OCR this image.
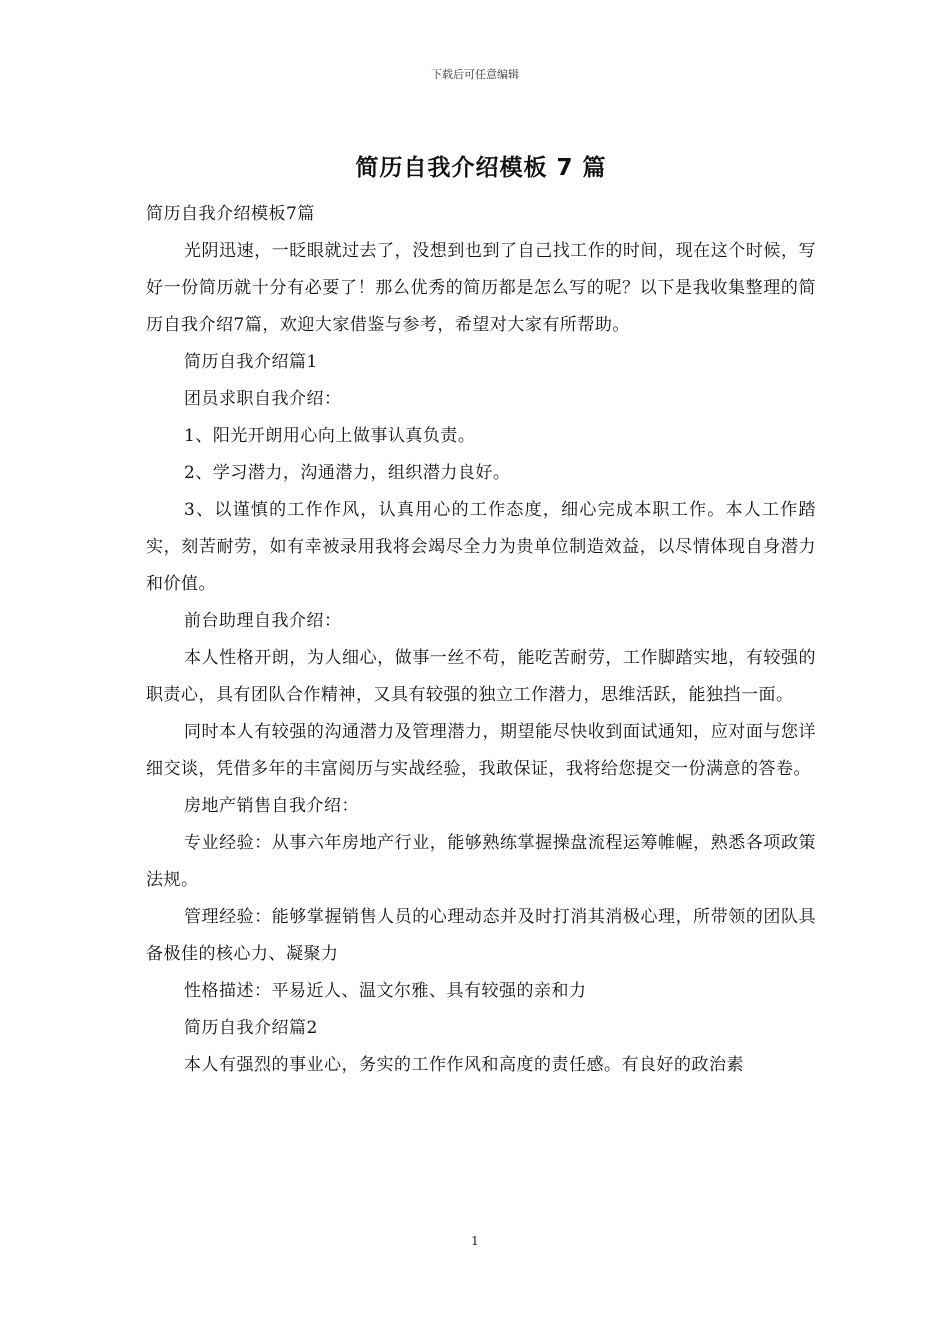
下载后可任意编辑
简历自我介绍模板 7 篇

简历自我介绍模板7篇

光阴迅速，一眨眼就过去了，没想到也到了自己找工作的时间，现在这个时候，写好一份简历就十分有必要了！那么优秀的简历都是怎么写的呢？以下是我收集整理的简历自我介绍7篇，欢迎大家借鉴与参考，希望对大家有所帮助。

简历自我介绍篇1

团员求职自我介绍：

1、阳光开朗用心向上做事认真负责。

2、学习潜力，沟通潜力，组织潜力良好。

3、以谨慎的工作作风，认真用心的工作态度，细心完成本职工作。本人工作踏实，刻苦耐劳，如有幸被录用我将会竭尽全力为贵单位制造效益，以尽情体现自身潜力和价值。

前台助理自我介绍：

本人性格开朗，为人细心，做事一丝不苟，能吃苦耐劳，工作脚踏实地，有较强的职责心，具有团队合作精神，又具有较强的独立工作潜力，思维活跃，能独挡一面。

同时本人有较强的沟通潜力及管理潜力，期望能尽快收到面试通知，应对面与您详细交谈，凭借多年的丰富阅历与实战经验，我敢保证，我将给您提交一份满意的答卷。

房地产销售自我介绍：

专业经验：从事六年房地产行业，能够熟练掌握操盘流程运筹帷幄，熟悉各项政策法规。

管理经验：能够掌握销售人员的心理动态并及时打消其消极心理，所带领的团队具备极佳的核心力、凝聚力

性格描述：平易近人、温文尔雅、具有较强的亲和力

简历自我介绍篇2

本人有强烈的事业心，务实的工作作风和高度的责任感。有良好的政治素

1
